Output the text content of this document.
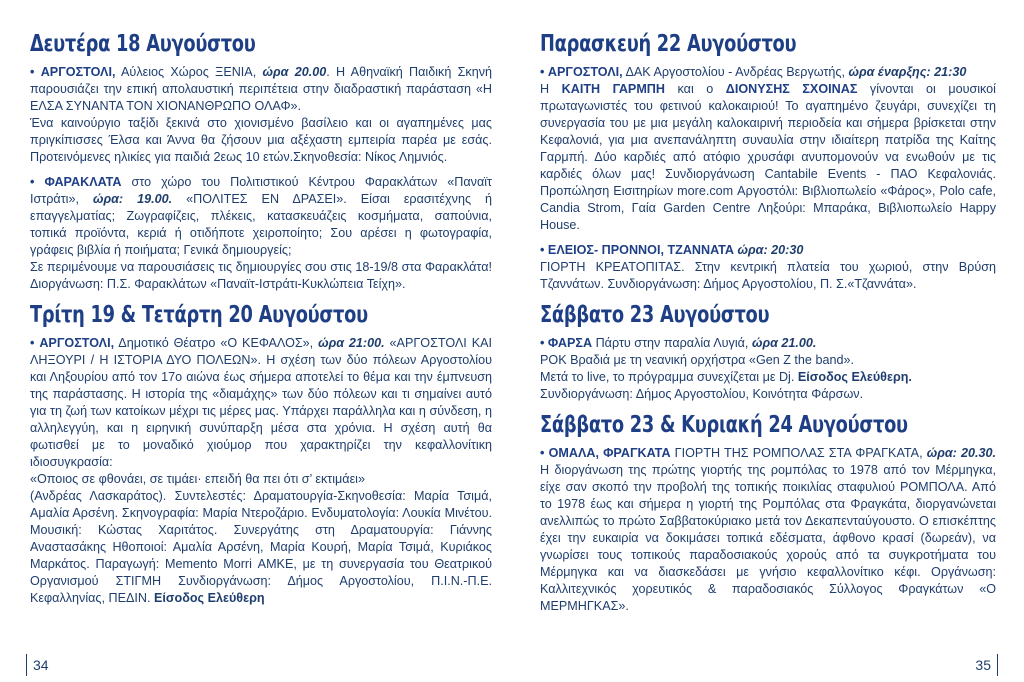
Δευτέρα 18 Αυγούστου

• ΑΡΓΟΣΤΟΛΙ, Αύλειος Χώρος ΞΕΝΙΑ, ώρα 20.00. Η Αθηναϊκή Παιδική Σκηνή παρουσιάζει την επική απολαυστική περιπέτεια στην διαδραστική παράσταση «Η ΕΛΣΑ ΣΥΝΑΝΤΑ ΤΟΝ ΧΙΟΝΑΝΘΡΩΠΟ ΟΛΑΦ».

Ένα καινούργιο ταξίδι ξεκινά στο χιονισμένο βασίλειο και οι αγαπημένες μας πριγκίπισσες Έλσα και Άννα θα ζήσουν μια αξέχαστη εμπειρία παρέα με εσάς. Προτεινόμενες ηλικίες για παιδιά 2εως 10 ετών.Σκηνοθεσία: Νίκος Λημνιός.

• ΦΑΡΑΚΛΑΤΑ στο χώρο του Πολιτιστικού Κέντρου Φαρακλάτων «Παναϊτ Ιστράτι», ώρα: 19.00. «ΠΟΛΙΤΕΣ ΕΝ ΔΡΑΣΕΙ». Είσαι ερασιτέχνης ή επαγγελματίας; Ζωγραφίζεις, πλέκεις, κατασκευάζεις κοσμήματα, σαπούνια, τοπικά προϊόντα, κεριά ή οτιδήποτε χειροποίητο; Σου αρέσει η φωτογραφία, γράφεις βιβλία ή ποιήματα; Γενικά δημιουργείς;

Σε περιμένουμε να παρουσιάσεις τις δημιουργίες σου στις 18-19/8 στα Φαρακλάτα! Διοργάνωση: Π.Σ. Φαρακλάτων «Παναϊτ-Ιστράτι-Κυκλώπεια Τείχη».

Τρίτη 19 & Τετάρτη 20 Αυγούστου

• ΑΡΓΟΣΤΟΛΙ, Δημοτικό Θέατρο «Ο ΚΕΦΑΛΟΣ», ώρα 21:00. «ΑΡΓΟΣΤΟΛΙ ΚΑΙ ΛΗΞΟΥΡΙ / Η ΙΣΤΟΡΙΑ ΔΥΟ ΠΟΛΕΩΝ». Η σχέση των δύο πόλεων Αργοστολίου και Ληξουρίου από τον 17ο αιώνα έως σήμερα αποτελεί το θέμα και την έμπνευση της παράστασης. Η ιστορία της «διαμάχης» των δύο πόλεων και τι σημαίνει αυτό για τη ζωή των κατοίκων μέχρι τις μέρες μας. Υπάρχει παράλληλα και η σύνδεση, η αλληλεγγύη, και η ειρηνική συνύπαρξη μέσα στα χρόνια. Η σχέση αυτή θα φωτισθεί με το μοναδικό χιούμορ που χαρακτηρίζει την κεφαλλονίτικη ιδιοσυγκρασία:

«Οποιος σε φθονάει, σε τιμάει· επειδή θα πει ότι σ’ εκτιμάει»

(Ανδρέας Λασκαράτος). Συντελεστές: Δραματουργία-Σκηνοθεσία: Μαρία Τσιμά, Αμαλία Αρσένη. Σκηνογραφία: Μαρία Ντεροζάριο. Ενδυματολογία: Λουκία Μινέτου. Μουσική: Κώστας Χαριτάτος. Συνεργάτης στη Δραματουργία: Γιάννης Αναστασάκης Ηθοποιοί: Αμαλία Αρσένη, Μαρία Κουρή, Μαρία Τσιμά, Κυριάκος Μαρκάτος. Παραγωγή: Memento Morri ΑΜΚΕ, με τη συνεργασία του Θεατρικού Οργανισμού ΣΤΙΓΜΗ Συνδιοργάνωση: Δήμος Αργοστολίου, Π.Ι.Ν.-Π.Ε. Κεφαλληνίας, ΠΕΔΙΝ. Είσοδος Ελεύθερη

Παρασκευή 22 Αυγούστου

• ΑΡΓΟΣΤΟΛΙ, ΔΑΚ Αργοστολίου - Ανδρέας Βεργωτής, ώρα έναρξης: 21:30

Η ΚΑΙΤΗ ΓΑΡΜΠΗ και ο ΔΙΟΝΥΣΗΣ ΣΧΟΙΝΑΣ γίνονται οι μουσικοί πρωταγωνιστές του φετινού καλοκαιριού! Το αγαπημένο ζευγάρι, συνεχίζει τη συνεργασία του με μια μεγάλη καλοκαιρινή περιοδεία και σήμερα βρίσκεται στην Κεφαλονιά, για μια ανεπανάληπτη συναυλία στην ιδιαίτερη πατρίδα της Καίτης Γαρμπή. Δύο καρδιές από ατόφιο χρυσάφι ανυπομονούν να ενωθούν με τις καρδιές όλων μας! Συνδιοργάνωση Cantabile Events - ΠΑΟ Κεφαλονιάς. Προπώληση Εισιτηρίων more.com Αργοστόλι: Βιβλιοπωλείο «Φάρος», Polo cafe, Candia Strom, Γαία Garden Centre Ληξούρι: Μπαράκα, Βιβλιοπωλείο Happy House.

• ΕΛΕΙΟΣ- ΠΡΟΝΝΟΙ, ΤΖΑΝΝΑΤΑ ώρα: 20:30

ΓΙΟΡΤΗ ΚΡΕΑΤΟΠΙΤΑΣ. Στην κεντρική πλατεία του χωριού, στην Βρύση Τζαννάτων. Συνδιοργάνωση: Δήμος Αργοστολίου, Π. Σ.«Τζαννάτα».

Σάββατο 23 Αυγούστου

• ΦΑΡΣΑ Πάρτυ στην παραλία Λυγιά, ώρα 21.00.

ΡΟΚ Βραδιά με τη νεανική ορχήστρα «Gen Z the band».

Μετά το live, το πρόγραμμα συνεχίζεται με Dj. Είσοδος Ελεύθερη.

Συνδιοργάνωση: Δήμος Αργοστολίου, Κοινότητα Φάρσων.

Σάββατο 23 & Κυριακή 24 Αυγούστου

• ΟΜΑΛΑ, ΦΡΑΓΚΑΤΑ ΓΙΟΡΤΗ ΤΗΣ ΡΟΜΠΟΛΑΣ ΣΤΑ ΦΡΑΓΚΑΤΑ, ώρα: 20.30. Η διοργάνωση της πρώτης γιορτής της ρομπόλας το 1978 από τον Μέρμηγκα, είχε σαν σκοπό την προβολή της τοπικής ποικιλίας σταφυλιού ΡΟΜΠΟΛΑ. Από το 1978 έως και σήμερα η γιορτή της Ρομπόλας στα Φραγκάτα, διοργανώνεται ανελλιπώς το πρώτο Σαββατοκύριακο μετά τον Δεκαπενταύγουστο. Ο επισκέπτης έχει την ευκαιρία να δοκιμάσει τοπικά εδέσματα, άφθονο κρασί (δωρεάν), να γνωρίσει τους τοπικούς παραδοσιακούς χορούς από τα συγκροτήματα του Μέρμηγκα και να διασκεδάσει με γνήσιο κεφαλλονίτικο κέφι. Οργάνωση: Καλλιτεχνικός χορευτικός & παραδοσιακός Σύλλογος Φραγκάτων «Ο ΜΕΡΜΗΓΚΑΣ».

34	35
